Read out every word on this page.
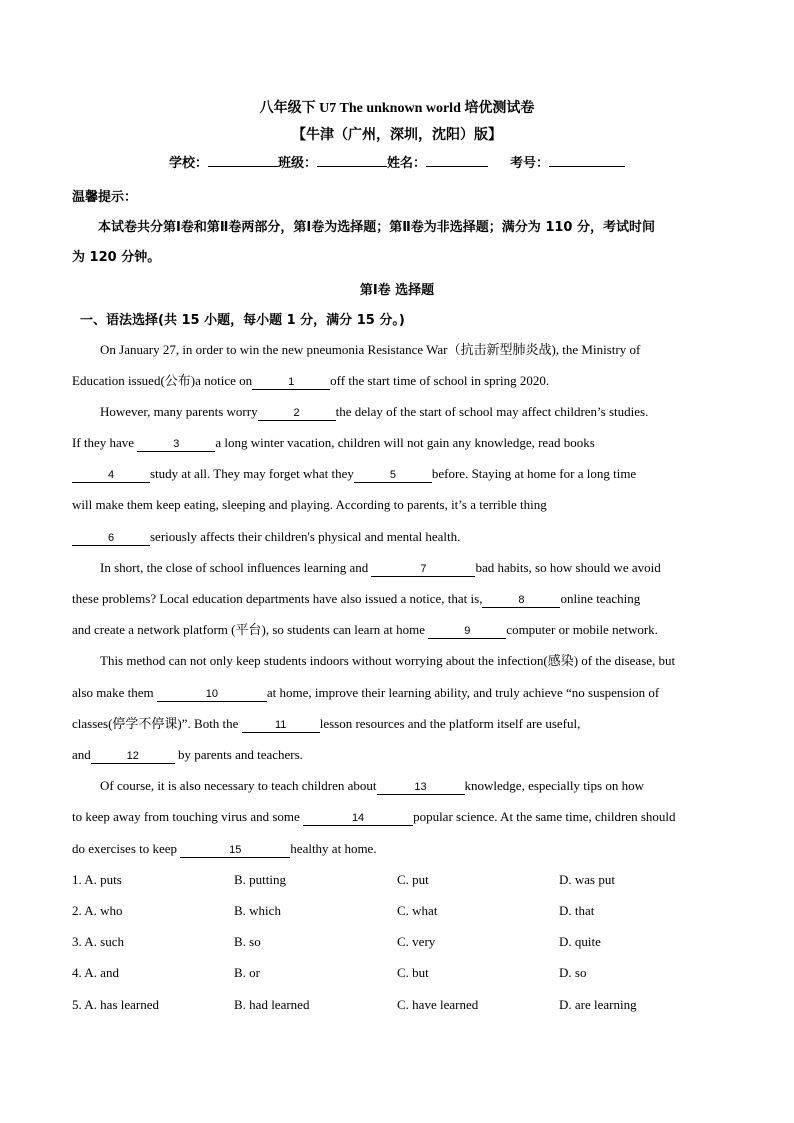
八年级下 U7 The unknown world 培优测试卷
【牛津（广州，深圳，沈阳）版】
学校：	班级：	姓名：	考号：
温馨提示：
本试卷共分第Ⅰ卷和第Ⅱ卷两部分，第Ⅰ卷为选择题；第Ⅱ卷为非选择题；满分为 110 分，考试时间
为 120 分钟。
第Ⅰ卷 选择题
一、语法选择(共 15 小题，每小题 1 分，满分 15 分。)
On January 27, in order to win the new pneumonia Resistance War（抗击新型肺炎战), the Ministry of
Education issued(公布)a notice on	1	off the start time of school in spring 2020.
However, many parents worry	2	the delay of the start of school may affect children’s studies.
If they have	3	a long winter vacation, children will not gain any knowledge, read books
4	study at all. They may forget what they	5	before. Staying at home for a long time
will make them keep eating, sleeping and playing. According to parents, it’s a terrible thing
6	seriously affects their children's physical and mental health.
In short, the close of school influences learning and	7	bad habits, so how should we avoid
these problems? Local education departments have also issued a notice, that is,	8	online teaching
and create a network platform (平台), so students can learn at home	9	computer or mobile network.
This method can not only keep students indoors without worrying about the infection(感染) of the disease, but
also make them	10	at home, improve their learning ability, and truly achieve “no suspension of
classes(停学不停课)”. Both the	11	lesson resources and the platform itself are useful,
and	12	by parents and teachers.
Of course, it is also necessary to teach children about	13	knowledge, especially tips on how
to keep away from touching virus and some	14	popular science. At the same time, children should
do exercises to keep	15	healthy at home.
1. A. puts	B. putting	C. put	D. was put
2. A. who	B. which	C. what	D. that
3. A. such	B. so	C. very	D. quite
4. A. and	B. or	C. but	D. so
5. A. has learned	B. had learned	C. have learned	D. are learning
